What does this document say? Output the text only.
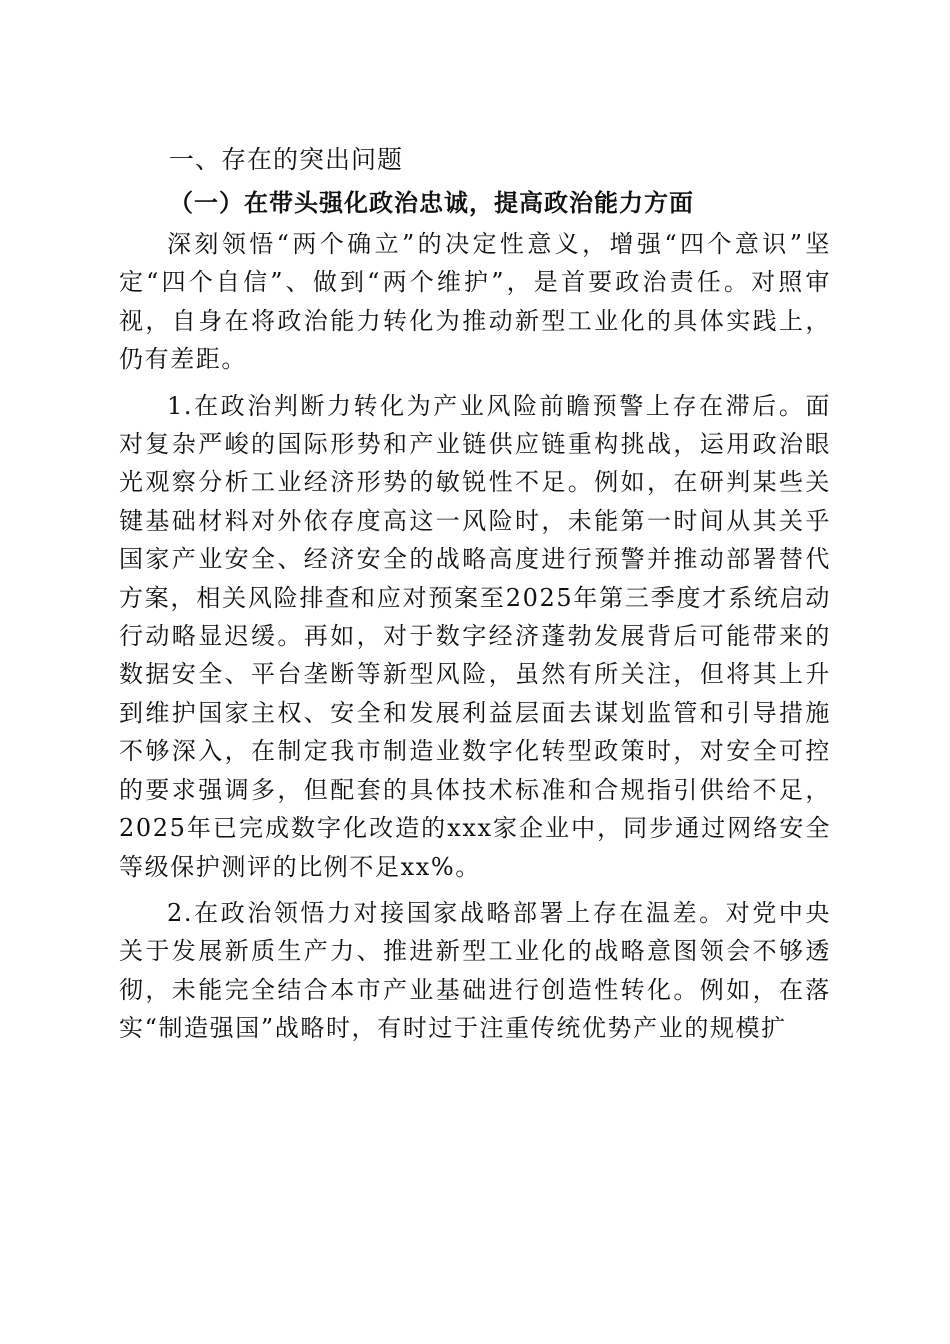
一、存在的突出问题
（一）在带头强化政治忠诚，提高政治能力方面

深刻领悟“两个确立”的决定性意义，增强“四个意识”坚定“四个自信”、做到“两个维护”，是首要政治责任。对照审视，自身在将政治能力转化为推动新型工业化的具体实践上，仍有差距。

1.在政治判断力转化为产业风险前瞻预警上存在滞后。面对复杂严峻的国际形势和产业链供应链重构挑战，运用政治眼光观察分析工业经济形势的敏锐性不足。例如，在研判某些关键基础材料对外依存度高这一风险时，未能第一时间从其关乎国家产业安全、经济安全的战略高度进行预警并推动部署替代方案，相关风险排查和应对预案至2025年第三季度才系统启动行动略显迟缓。再如，对于数字经济蓬勃发展背后可能带来的数据安全、平台垄断等新型风险，虽然有所关注，但将其上升到维护国家主权、安全和发展利益层面去谋划监管和引导措施不够深入，在制定我市制造业数字化转型政策时，对安全可控的要求强调多，但配套的具体技术标准和合规指引供给不足，2025年已完成数字化改造的xxx家企业中，同步通过网络安全等级保护测评的比例不足xx%。

2.在政治领悟力对接国家战略部署上存在温差。对党中央关于发展新质生产力、推进新型工业化的战略意图领会不够透彻，未能完全结合本市产业基础进行创造性转化。例如，在落实“制造强国”战略时，有时过于注重传统优势产业的规模扩
